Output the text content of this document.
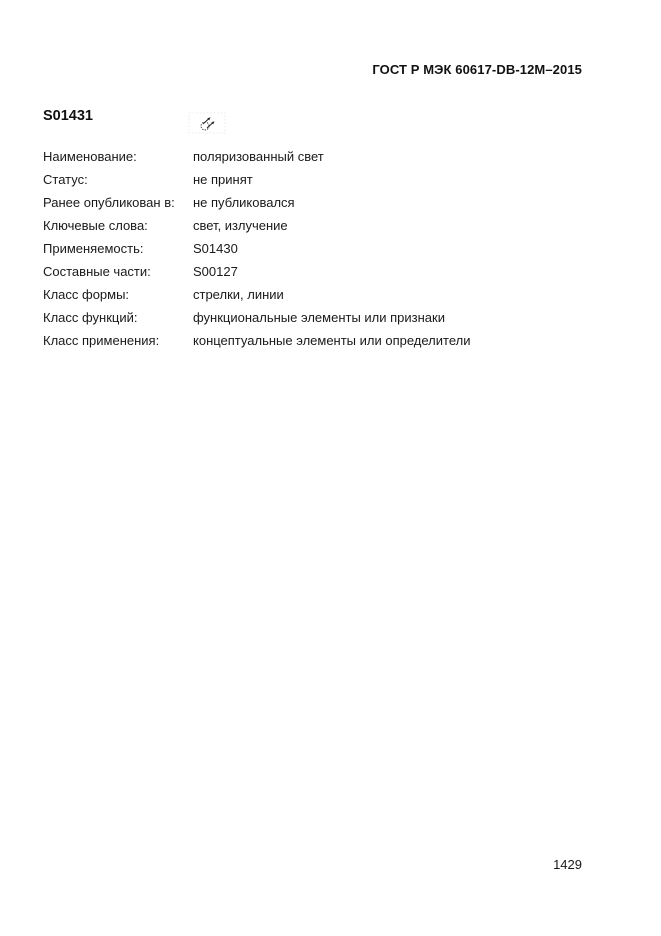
ГОСТ Р МЭК 60617-DB-12M–2015
S01431
Наименование:	поляризованный свет
Статус:	не принят
Ранее опубликован в:	не публиковался
Ключевые слова:	свет, излучение
Применяемость:	S01430
Составные части:	S00127
Класс формы:	стрелки, линии
Класс функций:	функциональные элементы или признаки
Класс применения:	концептуальные элементы или определители
1429
